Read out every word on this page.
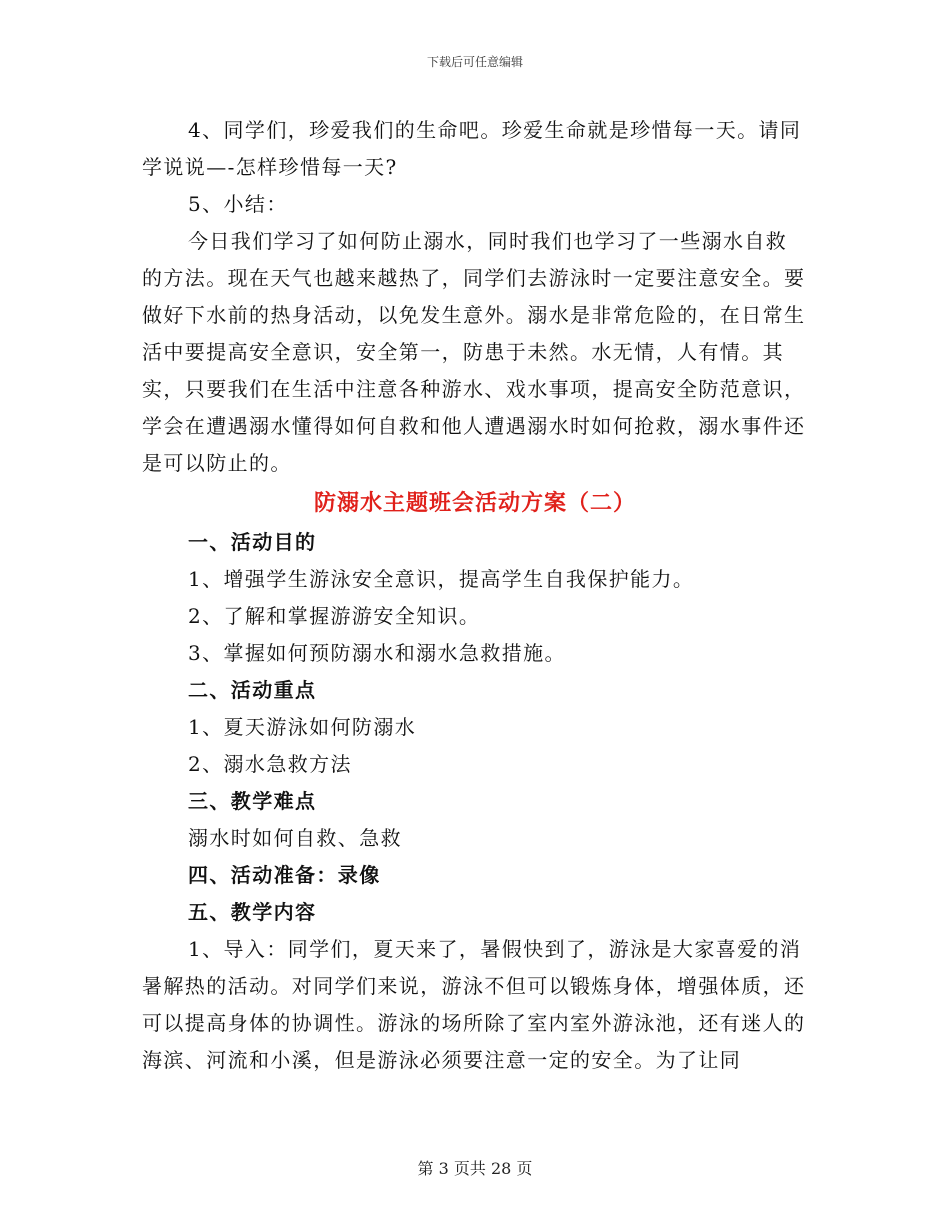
下载后可任意编辑

4、同学们，珍爱我们的生命吧。珍爱生命就是珍惜每一天。请同学说说—-怎样珍惜每一天?

5、小结：

今日我们学习了如何防止溺水，同时我们也学习了一些溺水自救的方法。现在天气也越来越热了，同学们去游泳时一定要注意安全。要做好下水前的热身活动，以免发生意外。溺水是非常危险的，在日常生活中要提高安全意识，安全第一，防患于未然。水无情，人有情。其实，只要我们在生活中注意各种游水、戏水事项，提高安全防范意识，学会在遭遇溺水懂得如何自救和他人遭遇溺水时如何抢救，溺水事件还是可以防止的。

防溺水主题班会活动方案（二）

一、活动目的

1、增强学生游泳安全意识，提高学生自我保护能力。

2、了解和掌握游游安全知识。

3、掌握如何预防溺水和溺水急救措施。

二、活动重点

1、夏天游泳如何防溺水

2、溺水急救方法

三、教学难点

溺水时如何自救、急救

四、活动准备：录像

五、教学内容

1、导入：同学们，夏天来了，暑假快到了，游泳是大家喜爱的消暑解热的活动。对同学们来说，游泳不但可以锻炼身体，增强体质，还可以提高身体的协调性。游泳的场所除了室内室外游泳池，还有迷人的海滨、河流和小溪，但是游泳必须要注意一定的安全。为了让同

第 3 页共 28 页
